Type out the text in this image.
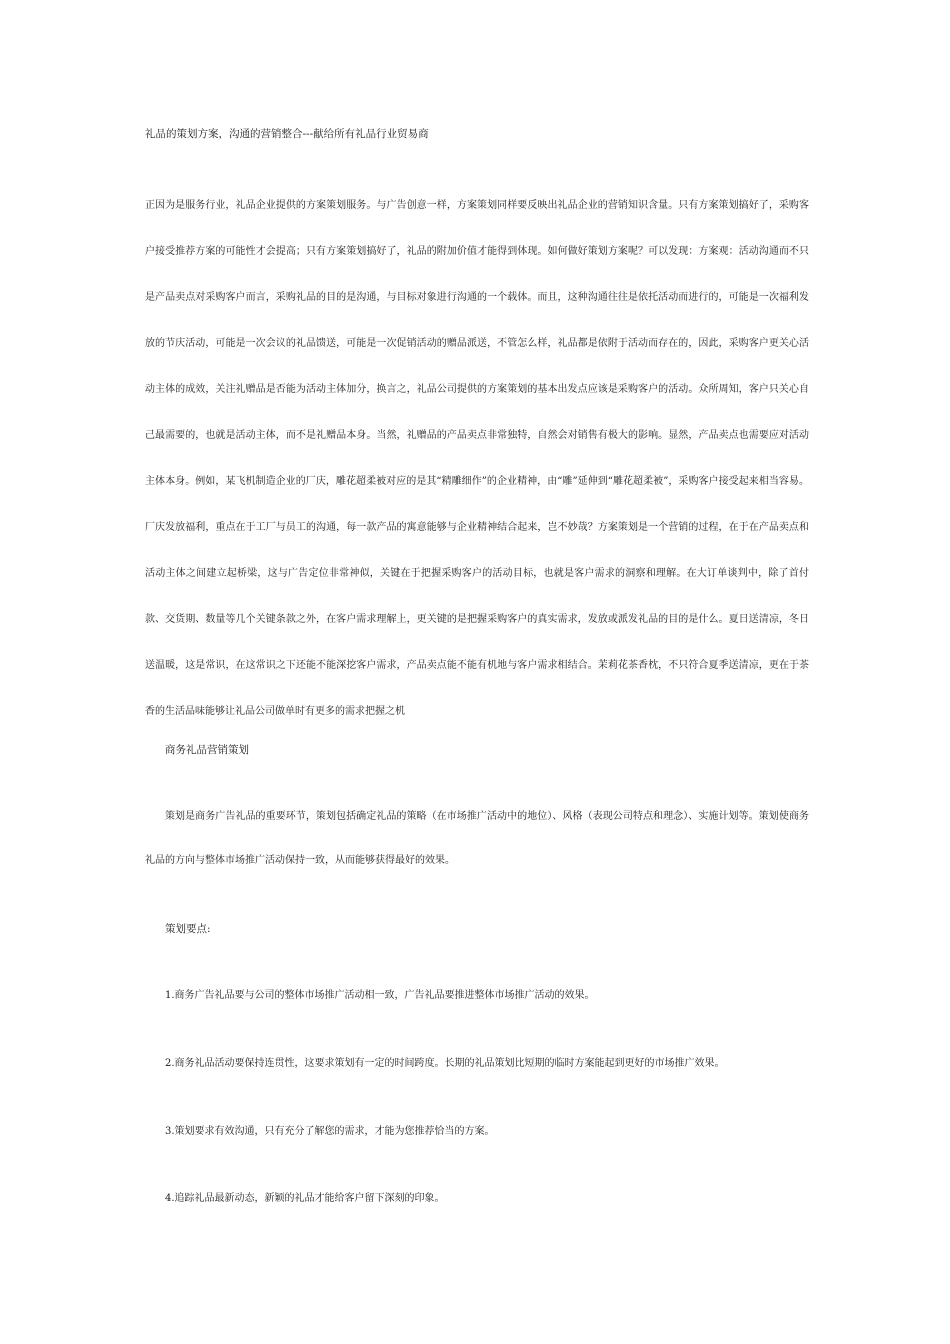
礼品的策划方案，沟通的营销整合---献给所有礼品行业贸易商

正因为是服务行业，礼品企业提供的方案策划服务。与广告创意一样，方案策划同样要反映出礼品企业的营销知识含量。只有方案策划搞好了，采购客户接受推荐方案的可能性才会提高；只有方案策划搞好了，礼品的附加价值才能得到体现。如何做好策划方案呢？可以发现：方案观：活动沟通而不只是产品卖点对采购客户而言，采购礼品的目的是沟通，与目标对象进行沟通的一个载体。而且，这种沟通往往是依托活动而进行的，可能是一次福利发放的节庆活动，可能是一次会议的礼品馈送，可能是一次促销活动的赠品派送，不管怎么样，礼品都是依附于活动而存在的，因此，采购客户更关心活动主体的成效，关注礼赠品是否能为活动主体加分，换言之，礼品公司提供的方案策划的基本出发点应该是采购客户的活动。众所周知，客户只关心自己最需要的，也就是活动主体，而不是礼赠品本身。当然，礼赠品的产品卖点非常独特，自然会对销售有极大的影响。显然，产品卖点也需要应对活动主体本身。例如，某飞机制造企业的厂庆，雕花超柔被对应的是其“精雕细作”的企业精神，由“雕”延伸到“雕花超柔被”，采购客户接受起来相当容易。厂庆发放福利，重点在于工厂与员工的沟通，每一款产品的寓意能够与企业精神结合起来，岂不妙哉？方案策划是一个营销的过程，在于在产品卖点和活动主体之间建立起桥梁，这与广告定位非常神似，关键在于把握采购客户的活动目标，也就是客户需求的洞察和理解。在大订单谈判中，除了首付款、交货期、数量等几个关键条款之外，在客户需求理解上，更关键的是把握采购客户的真实需求，发放或派发礼品的目的是什么。夏日送清凉，冬日送温暖，这是常识，在这常识之下还能不能深挖客户需求，产品卖点能不能有机地与客户需求相结合。茉莉花茶香枕，不只符合夏季送清凉，更在于茶香的生活品味能够让礼品公司做单时有更多的需求把握之机

商务礼品营销策划

策划是商务广告礼品的重要环节，策划包括确定礼品的策略（在市场推广活动中的地位）、风格（表现公司特点和理念）、实施计划等。策划使商务礼品的方向与整体市场推广活动保持一致，从而能够获得最好的效果。

策划要点:

1.商务广告礼品要与公司的整体市场推广活动相一致，广告礼品要推进整体市场推广活动的效果。

2.商务礼品活动要保持连贯性，这要求策划有一定的时间跨度。长期的礼品策划比短期的临时方案能起到更好的市场推广效果。

3.策划要求有效沟通，只有充分了解您的需求，才能为您推荐恰当的方案。

4.追踪礼品最新动态，新颖的礼品才能给客户留下深刻的印象。
